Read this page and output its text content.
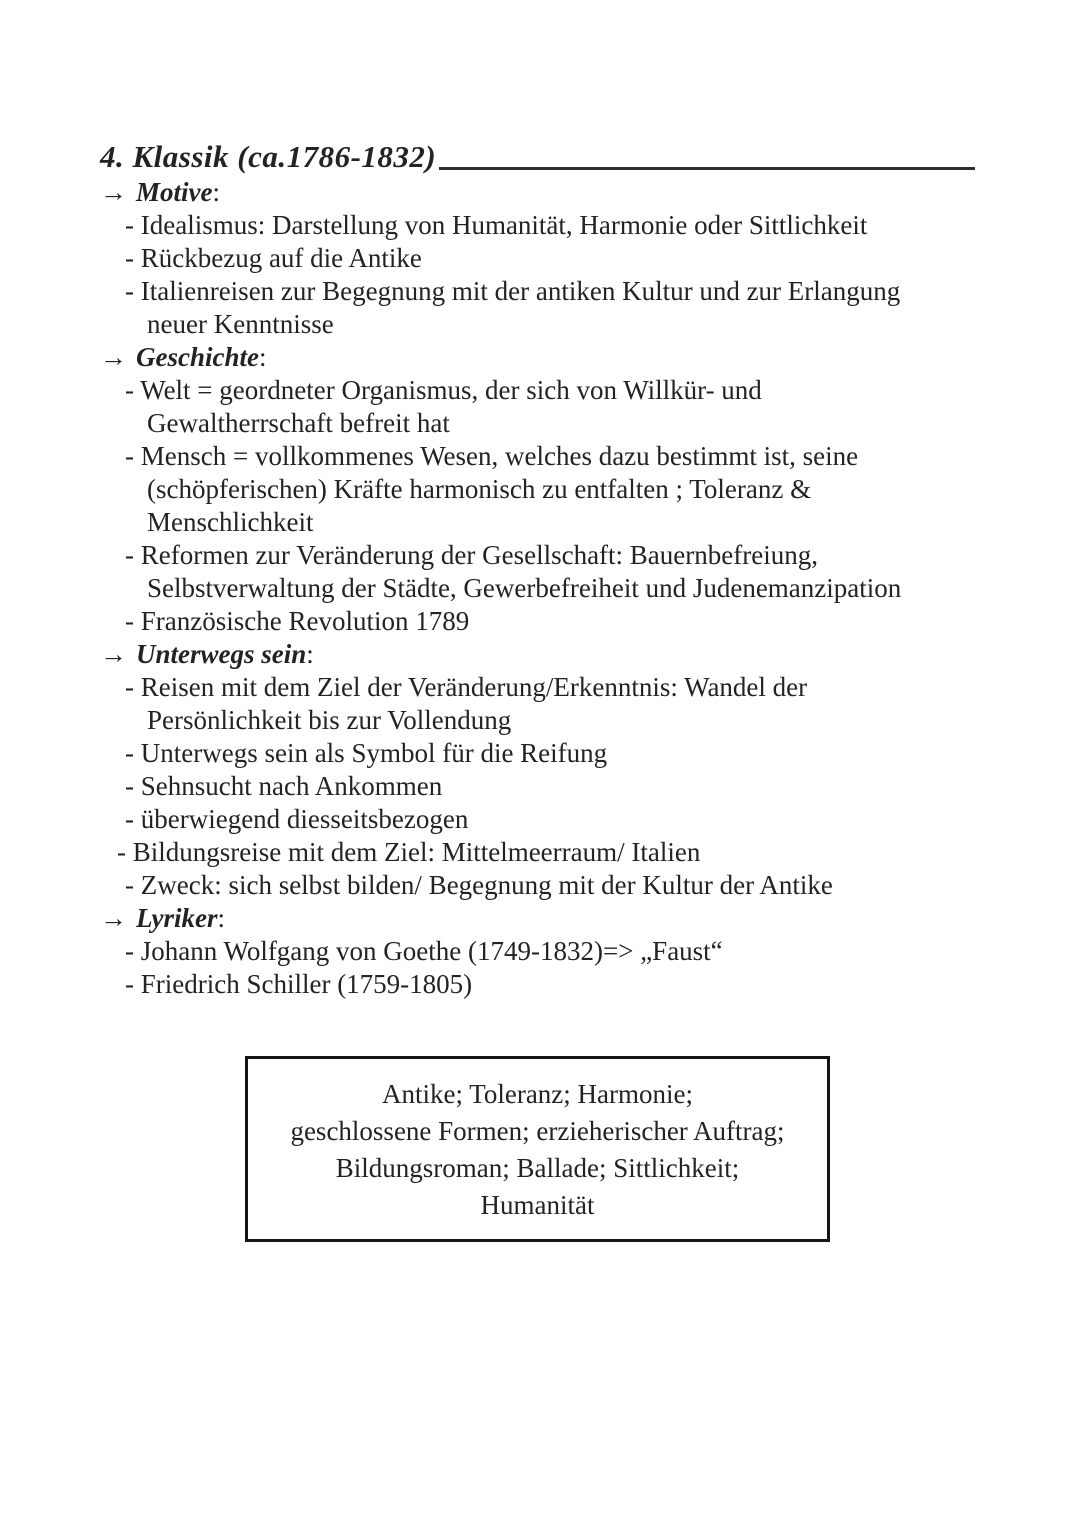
4. Klassik (ca.1786-1832)
→ Motive:
- Idealismus: Darstellung von Humanität, Harmonie oder Sittlichkeit
- Rückbezug auf die Antike
- Italienreisen zur Begegnung mit der antiken Kultur und zur Erlangung
neuer Kenntnisse
→ Geschichte:
- Welt = geordneter Organismus, der sich von Willkür- und
Gewaltherrschaft befreit hat
- Mensch = vollkommenes Wesen, welches dazu bestimmt ist, seine
(schöpferischen) Kräfte harmonisch zu entfalten ; Toleranz &
Menschlichkeit
- Reformen zur Veränderung der Gesellschaft: Bauernbefreiung,
Selbstverwaltung der Städte, Gewerbefreiheit und Judenemanzipation
- Französische Revolution 1789
→ Unterwegs sein:
- Reisen mit dem Ziel der Veränderung/Erkenntnis: Wandel der
Persönlichkeit bis zur Vollendung
- Unterwegs sein als Symbol für die Reifung
- Sehnsucht nach Ankommen
- überwiegend diesseitsbezogen
- Bildungsreise mit dem Ziel: Mittelmeerraum/ Italien
- Zweck: sich selbst bilden/ Begegnung mit der Kultur der Antike
→ Lyriker:
- Johann Wolfgang von Goethe (1749-1832)=> „Faust“
- Friedrich Schiller (1759-1805)
Antike; Toleranz; Harmonie;
geschlossene Formen; erzieherischer Auftrag;
Bildungsroman; Ballade; Sittlichkeit;
Humanität
